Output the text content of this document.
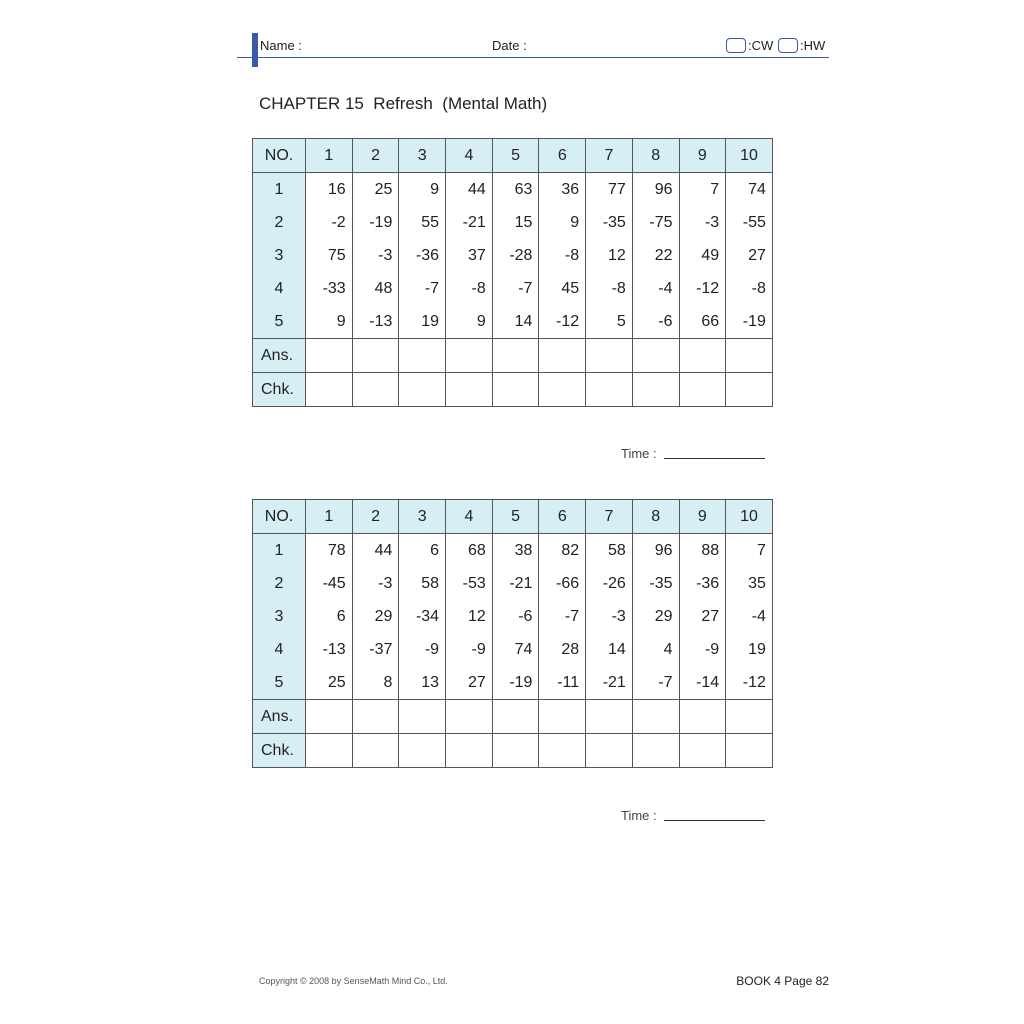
Name :	Date :	:CW :HW
CHAPTER 15  Refresh  (Mental Math)
NO.	1	2	3	4	5	6	7	8	9	10
1	16	25	9	44	63	36	77	96	7	74
2	-2	-19	55	-21	15	9	-35	-75	-3	-55
3	75	-3	-36	37	-28	-8	12	22	49	27
4	-33	48	-7	-8	-7	45	-8	-4	-12	-8
5	9	-13	19	9	14	-12	5	-6	66	-19
Ans.										
Chk.										
Time :
NO.	1	2	3	4	5	6	7	8	9	10
1	78	44	6	68	38	82	58	96	88	7
2	-45	-3	58	-53	-21	-66	-26	-35	-36	35
3	6	29	-34	12	-6	-7	-3	29	27	-4
4	-13	-37	-9	-9	74	28	14	4	-9	19
5	25	8	13	27	-19	-11	-21	-7	-14	-12
Ans.										
Chk.										
Time :
Copyright © 2008 by SenseMath Mind Co., Ltd.	BOOK 4 Page 82
